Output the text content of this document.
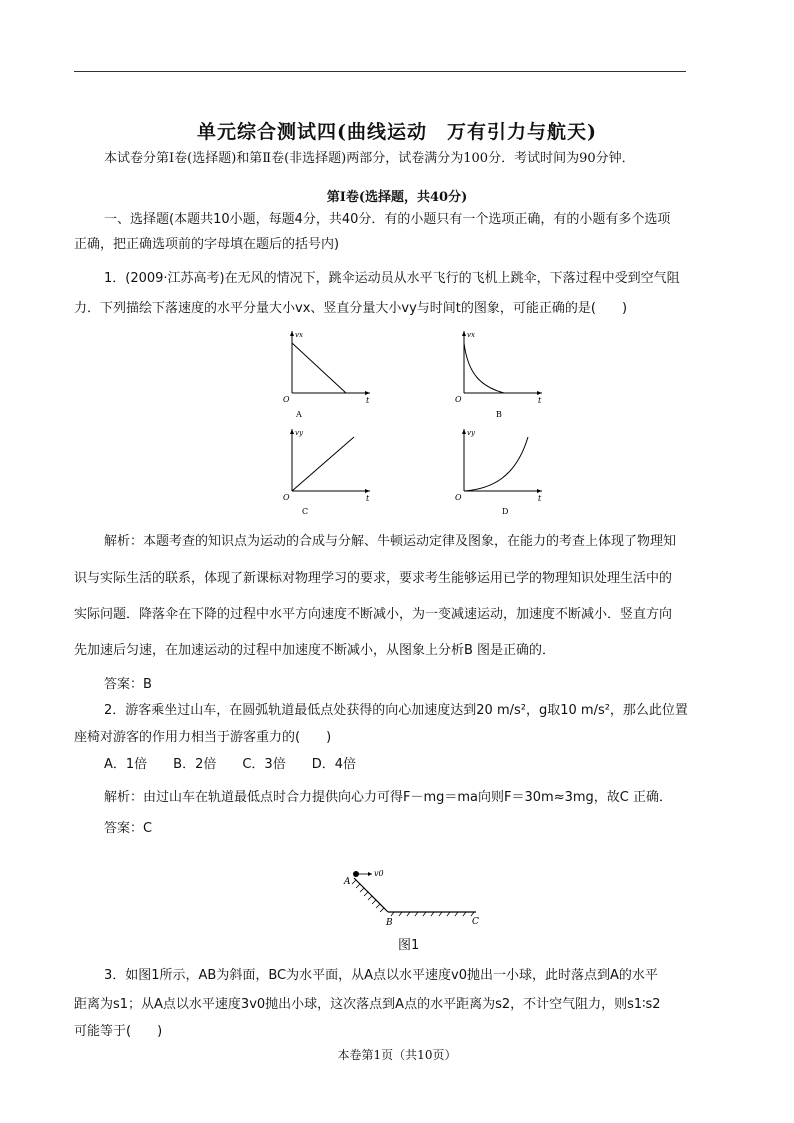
单元综合测试四(曲线运动　万有引力与航天)
本试卷分第Ⅰ卷(选择题)和第Ⅱ卷(非选择题)两部分，试卷满分为100分．考试时间为90分钟．
第Ⅰ卷(选择题，共40分)
一、选择题(本题共10小题，每题4分，共40分．有的小题只有一个选项正确，有的小题有多个选项
正确，把正确选项前的字母填在题后的括号内)
1．(2009·江苏高考)在无风的情况下，跳伞运动员从水平飞行的飞机上跳伞，下落过程中受到空气阻
力．下列描绘下落速度的水平分量大小vx、竖直分量大小vy与时间t的图象，可能正确的是(　　)
vx
O	t
A
vx
O	t
B
vy
O	t
C
vy
O	t
D
解析：本题考查的知识点为运动的合成与分解、牛顿运动定律及图象，在能力的考查上体现了物理知
识与实际生活的联系，体现了新课标对物理学习的要求，要求考生能够运用已学的物理知识处理生活中的
实际问题．降落伞在下降的过程中水平方向速度不断减小，为一变减速运动，加速度不断减小．竖直方向
先加速后匀速，在加速运动的过程中加速度不断减小，从图象上分析B 图是正确的．
答案：B
2．游客乘坐过山车，在圆弧轨道最低点处获得的向心加速度达到20 m/s²，g取10 m/s²，那么此位置
座椅对游客的作用力相当于游客重力的(　　)
A．1倍　　B．2倍　　C．3倍　　D．4倍
解析：由过山车在轨道最低点时合力提供向心力可得F－mg＝ma向则F＝30m≈3mg，故C 正确．
答案：C
v0
A
B	C
图1
3．如图1所示，AB为斜面，BC为水平面，从A点以水平速度v0抛出一小球，此时落点到A的水平
距离为s1；从A点以水平速度3v0抛出小球，这次落点到A点的水平距离为s2，不计空气阻力，则s1∶s2
可能等于(　　)
本卷第1页（共10页）
